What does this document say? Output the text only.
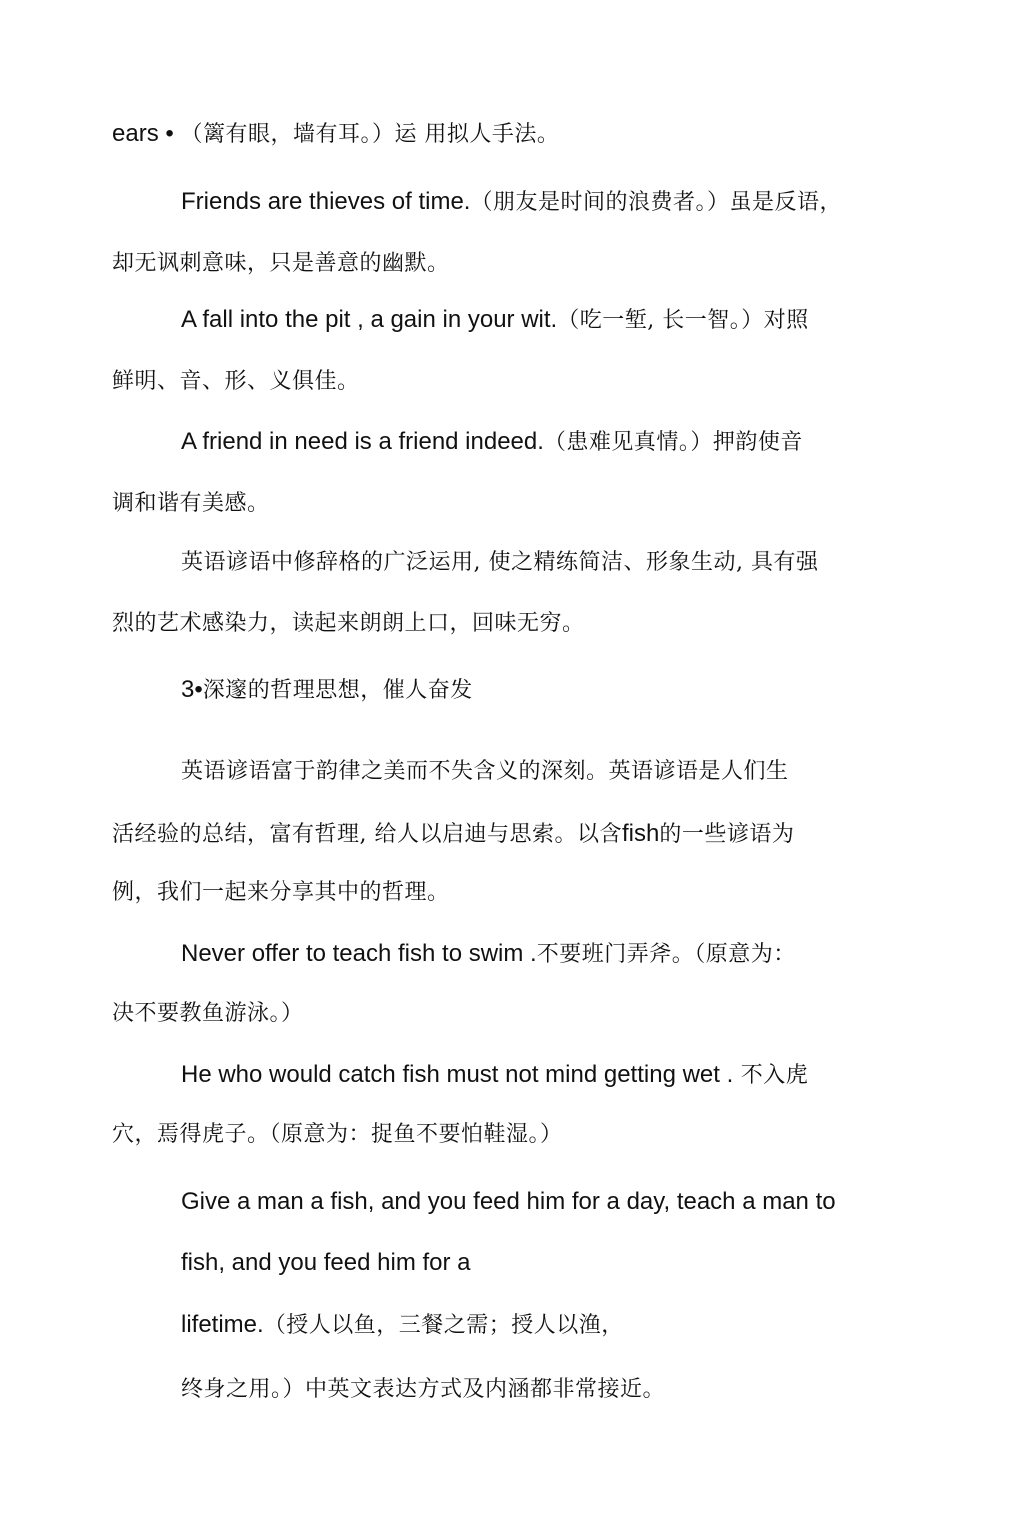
ears • （篱有眼，墙有耳。）运 用拟人手法。
Friends are thieves of time.（朋友是时间的浪费者。）虽是反语，
却无讽刺意味，只是善意的幽默。
A fall into the pit , a gain in your wit.（吃一堑, 长一智。）对照
鲜明、音、形、义俱佳。
A friend in need is a friend indeed.（患难见真情。）押韵使音
调和谐有美感。
英语谚语中修辞格的广泛运用, 使之精练简洁、形象生动, 具有强
烈的艺术感染力，读起来朗朗上口，回味无穷。
3•深邃的哲理思想，催人奋发
英语谚语富于韵律之美而不失含义的深刻。英语谚语是人们生
活经验的总结，富有哲理, 给人以启迪与思索。以含fish的一些谚语为
例，我们一起来分享其中的哲理。
Never offer to teach fish to swim .不要班门弄斧。（原意为：
决不要教鱼游泳。）
He who would catch fish must not mind getting wet . 不入虎
穴，焉得虎子。（原意为：捉鱼不要怕鞋湿。）
Give a man a fish, and you feed him for a day, teach a man to
fish, and you feed him for a
lifetime.（授人以鱼，三餐之需；授人以渔，
终身之用。）中英文表达方式及内涵都非常接近。
